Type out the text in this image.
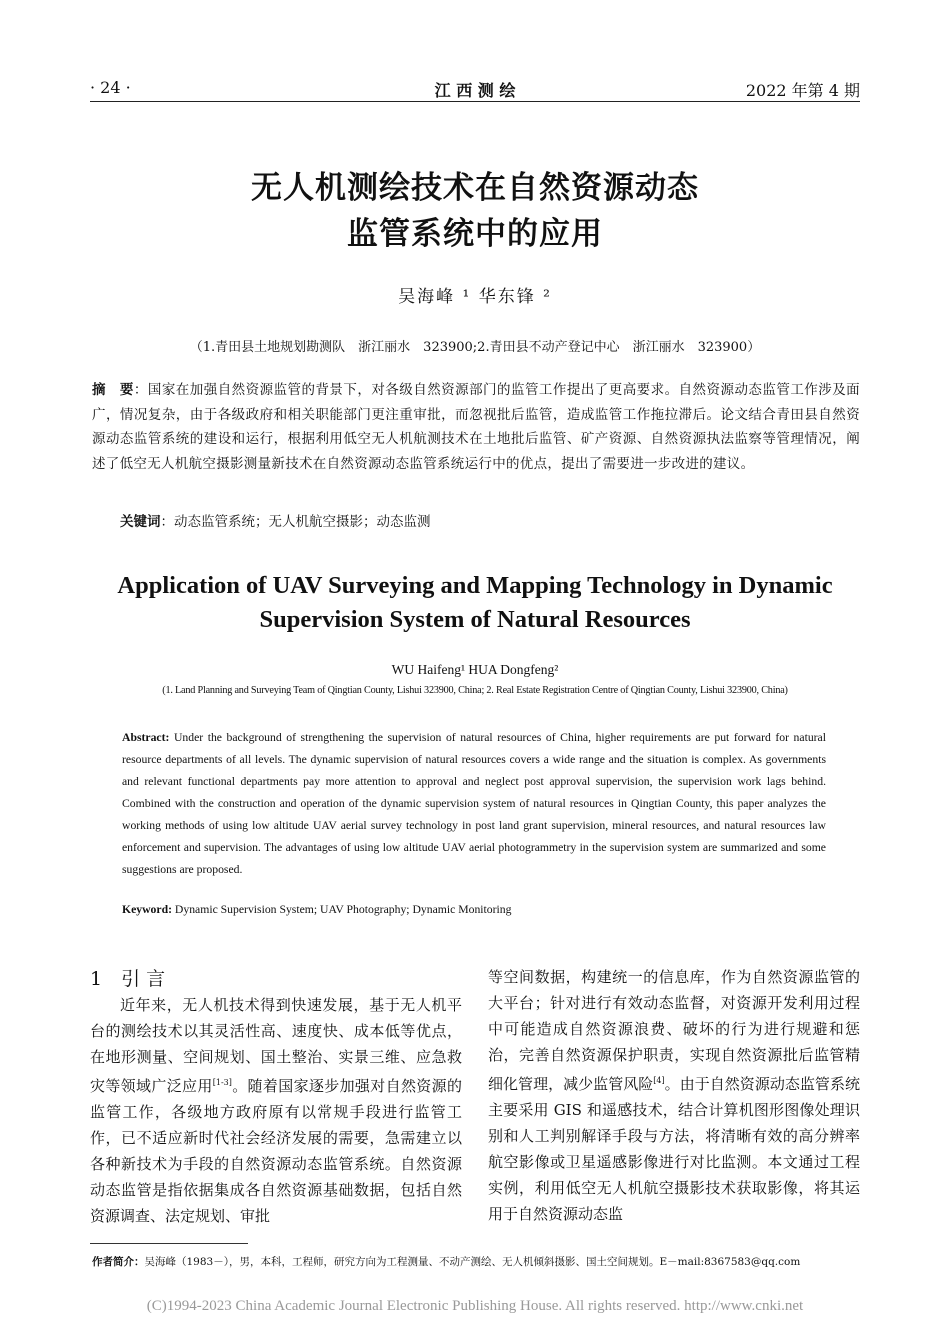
· 24 ·	江 西 测 绘	2022 年第 4 期
无人机测绘技术在自然资源动态
监管系统中的应用
吴海峰 ¹ 华东锋 ²
（1.青田县土地规划勘测队　浙江丽水　323900;2.青田县不动产登记中心　浙江丽水　323900）
摘　要：国家在加强自然资源监管的背景下，对各级自然资源部门的监管工作提出了更高要求。自然资源动态监管工作涉及面广，情况复杂，由于各级政府和相关职能部门更注重审批，而忽视批后监管，造成监管工作拖拉滞后。论文结合青田县自然资源动态监管系统的建设和运行，根据利用低空无人机航测技术在土地批后监管、矿产资源、自然资源执法监察等管理情况，阐述了低空无人机航空摄影测量新技术在自然资源动态监管系统运行中的优点，提出了需要进一步改进的建议。
关键词：动态监管系统；无人机航空摄影；动态监测
Application of UAV Surveying and Mapping Technology in Dynamic
Supervision System of Natural Resources
WU Haifeng¹ HUA Dongfeng²
(1. Land Planning and Surveying Team of Qingtian County, Lishui 323900, China; 2. Real Estate Registration Centre of Qingtian County, Lishui 323900, China)
Abstract: Under the background of strengthening the supervision of natural resources of China, higher requirements are put forward for natural resource departments of all levels. The dynamic supervision of natural resources covers a wide range and the situation is complex. As governments and relevant functional departments pay more attention to approval and neglect post approval supervision, the supervision work lags behind. Combined with the construction and operation of the dynamic supervision system of natural resources in Qingtian County, this paper analyzes the working methods of using low altitude UAV aerial survey technology in post land grant supervision, mineral resources, and natural resources law enforcement and supervision. The advantages of using low altitude UAV aerial photogrammetry in the supervision system are summarized and some suggestions are proposed.
Keyword: Dynamic Supervision System; UAV Photography; Dynamic Monitoring
1　引 言

近年来，无人机技术得到快速发展，基于无人机平台的测绘技术以其灵活性高、速度快、成本低等优点，在地形测量、空间规划、国土整治、实景三维、应急救灾等领域广泛应用[1-3]。随着国家逐步加强对自然资源的监管工作，各级地方政府原有以常规手段进行监管工作，已不适应新时代社会经济发展的需要，急需建立以各种新技术为手段的自然资源动态监管系统。自然资源动态监管是指依据集成各自然资源基础数据，包括自然资源调查、法定规划、审批

等空间数据，构建统一的信息库，作为自然资源监管的大平台；针对进行有效动态监督，对资源开发利用过程中可能造成自然资源浪费、破坏的行为进行规避和惩治，完善自然资源保护职责，实现自然资源批后监管精细化管理，减少监管风险[4]。由于自然资源动态监管系统主要采用 GIS 和遥感技术，结合计算机图形图像处理识别和人工判别解译手段与方法，将清晰有效的高分辨率航空影像或卫星遥感影像进行对比监测。本文通过工程实例，利用低空无人机航空摄影技术获取影像，将其运用于自然资源动态监

作者简介：吴海峰（1983－），男，本科，工程师，研究方向为工程测量、不动产测绘、无人机倾斜摄影、国土空间规划。E－mail:8367583@qq.com
(C)1994-2023 China Academic Journal Electronic Publishing House. All rights reserved. http://www.cnki.net
